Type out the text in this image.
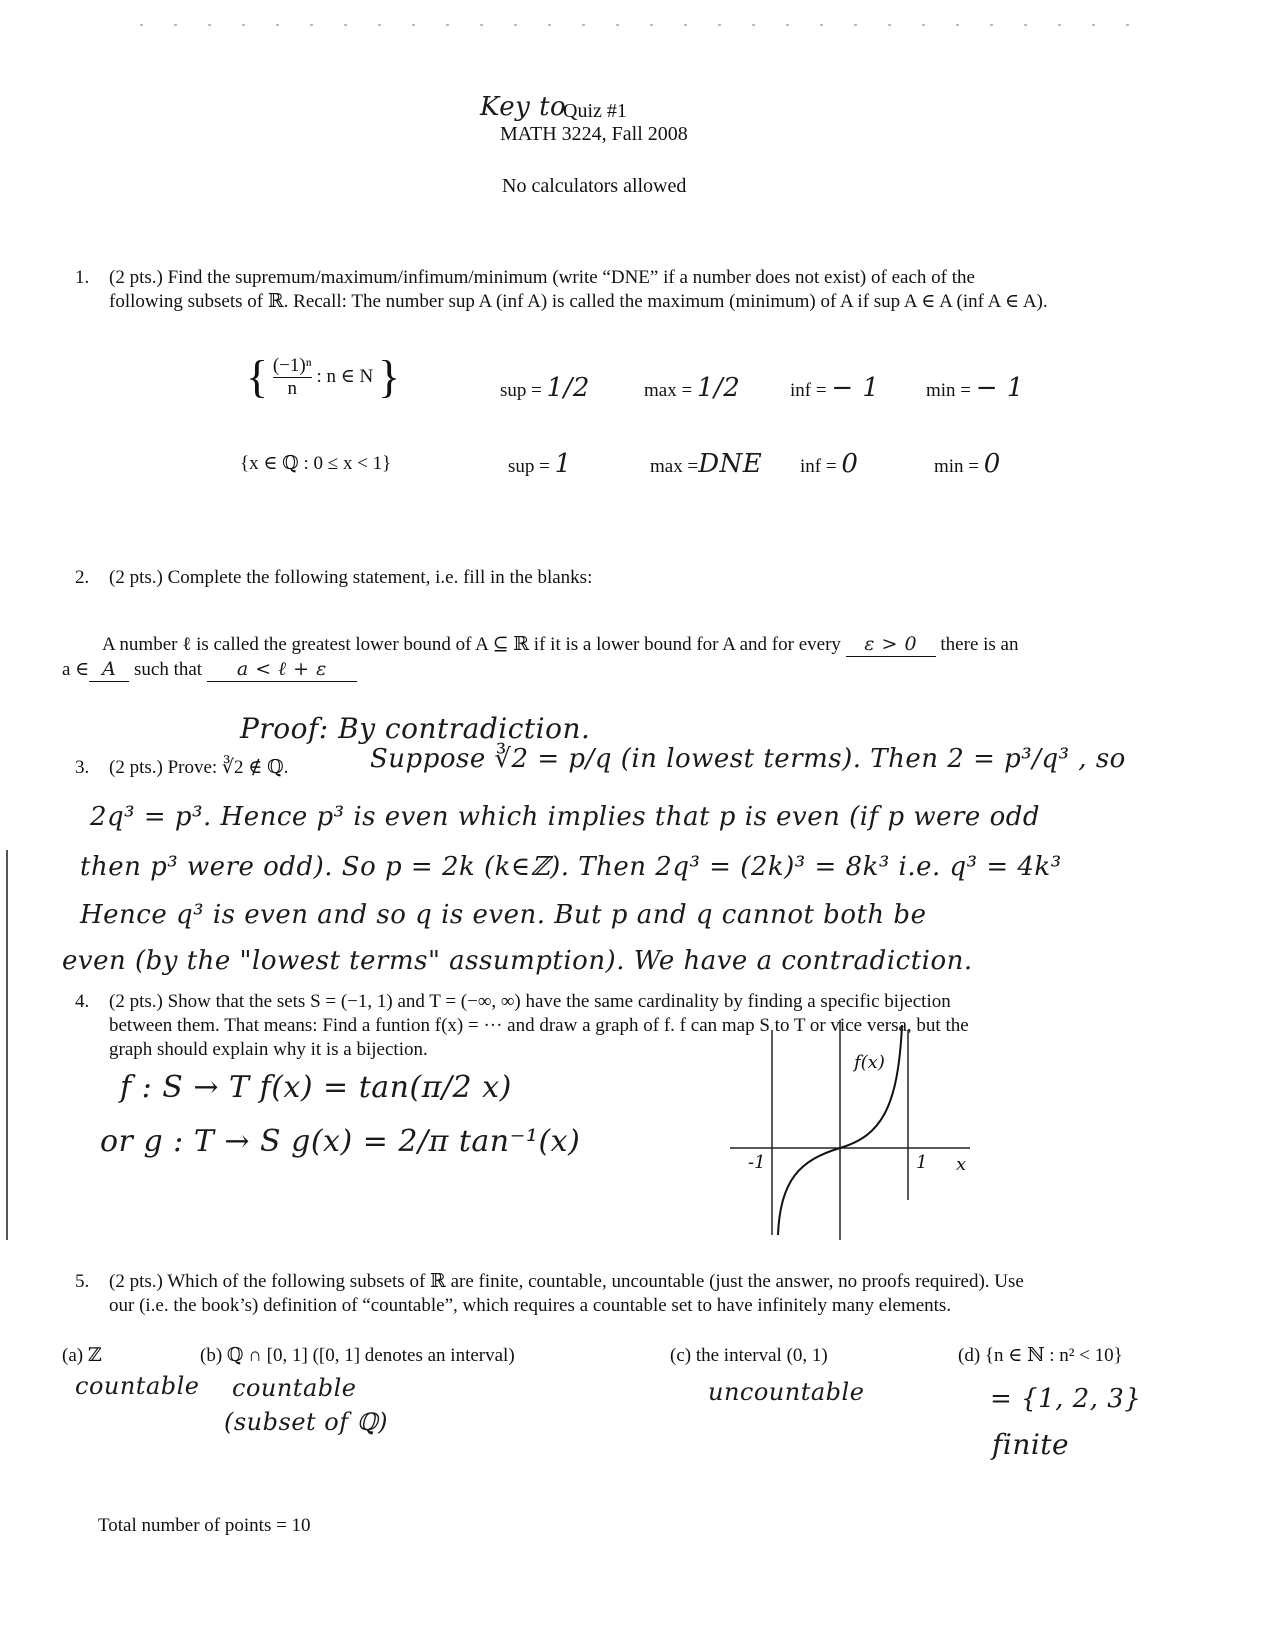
Key to
Quiz #1
MATH 3224, Fall 2008
No calculators allowed
1. (2 pts.) Find the supremum/maximum/infimum/minimum (write “DNE” if a number does not exist) of each of the
following subsets of ℝ. Recall: The number sup A (inf A) is called the maximum (minimum) of A if sup A ∈ A (inf A ∈ A).
{ $\frac{\text{(−1)ⁿ}}{n}$ : n ∈ N }	sup = 1/2	max = 1/2	inf = − 1 min = − 1
{x ∈ ℚ : 0 ≤ x < 1}	sup = 1	max =DNE inf = 0	min = 0
2. (2 pts.) Complete the following statement, i.e. fill in the blanks:
A number ℓ is called the greatest lower bound of A ⊆ ℝ if it is a lower bound for A and for every ε > 0 there is an
a ∈ A such that a < ℓ + ε
Proof: By contradiction.
3. (2 pts.) Prove: ∛2 ∉ ℚ.	Suppose ∛2 = p/q (in lowest terms). Then 2 = p³/q³ , so
2q³ = p³. Hence p³ is even which implies that p is even (if p were odd
then p³ were odd). So p = 2k (k∈ℤ). Then 2q³ = (2k)³ = 8k³ i.e. q³ = 4k³
Hence q³ is even and so q is even. But p and q cannot both be
even (by the "lowest terms" assumption). We have a contradiction.
4. (2 pts.) Show that the sets S = (−1, 1) and T = (−∞, ∞) have the same cardinality by finding a specific bijection
between them. That means: Find a funtion f(x) = ··· and draw a graph of f. f can map S to T or vice versa, but the
graph should explain why it is a bijection.
f : S → T f(x) = tan(π/2 x)
or g : T → S g(x) = 2/π tan⁻¹(x)
f(x)
-1	1 x
5. (2 pts.) Which of the following subsets of ℝ are finite, countable, uncountable (just the answer, no proofs required). Use
our (i.e. the book’s) definition of “countable”, which requires a countable set to have infinitely many elements.
(a) ℤ
countable
(b) ℚ ∩ [0, 1] ([0, 1] denotes an interval)
countable
(subset of ℚ)
(c) the interval (0, 1)
uncountable
(d) {n ∈ ℕ : n² < 10}
= {1, 2, 3}
finite
Total number of points = 10
